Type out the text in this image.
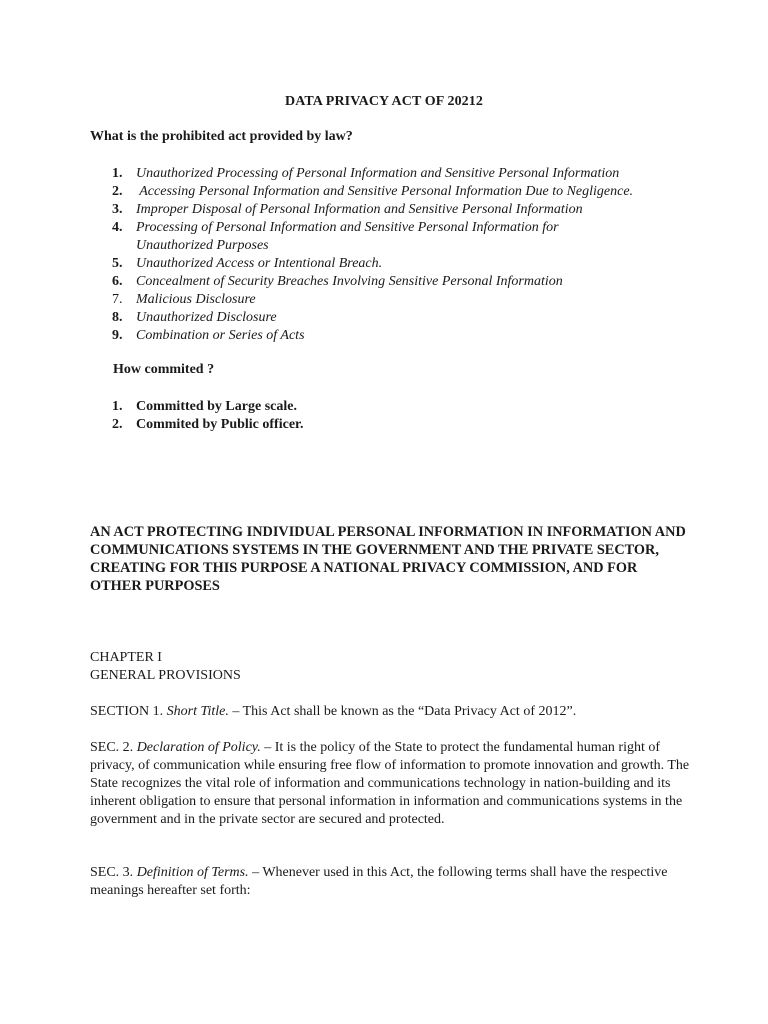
DATA PRIVACY ACT OF 20212
What is the prohibited act provided by law?
1. Unauthorized Processing of Personal Information and Sensitive Personal Information
2. Accessing Personal Information and Sensitive Personal Information Due to Negligence.
3. Improper Disposal of Personal Information and Sensitive Personal Information
4. Processing of Personal Information and Sensitive Personal Information for Unauthorized Purposes
5. Unauthorized Access or Intentional Breach.
6. Concealment of Security Breaches Involving Sensitive Personal Information
7. Malicious Disclosure
8. Unauthorized Disclosure
9. Combination or Series of Acts
How commited ?
1. Committed by Large scale.
2. Commited by Public officer.
AN ACT PROTECTING INDIVIDUAL PERSONAL INFORMATION IN INFORMATION AND COMMUNICATIONS SYSTEMS IN THE GOVERNMENT AND THE PRIVATE SECTOR, CREATING FOR THIS PURPOSE A NATIONAL PRIVACY COMMISSION, AND FOR OTHER PURPOSES
CHAPTER I
GENERAL PROVISIONS

SECTION 1. Short Title. – This Act shall be known as the “Data Privacy Act of 2012”.

SEC. 2. Declaration of Policy. – It is the policy of the State to protect the fundamental human right of privacy, of communication while ensuring free flow of information to promote innovation and growth. The State recognizes the vital role of information and communications technology in nation-building and its inherent obligation to ensure that personal information in information and communications systems in the government and in the private sector are secured and protected.

SEC. 3. Definition of Terms. – Whenever used in this Act, the following terms shall have the respective meanings hereafter set forth:
